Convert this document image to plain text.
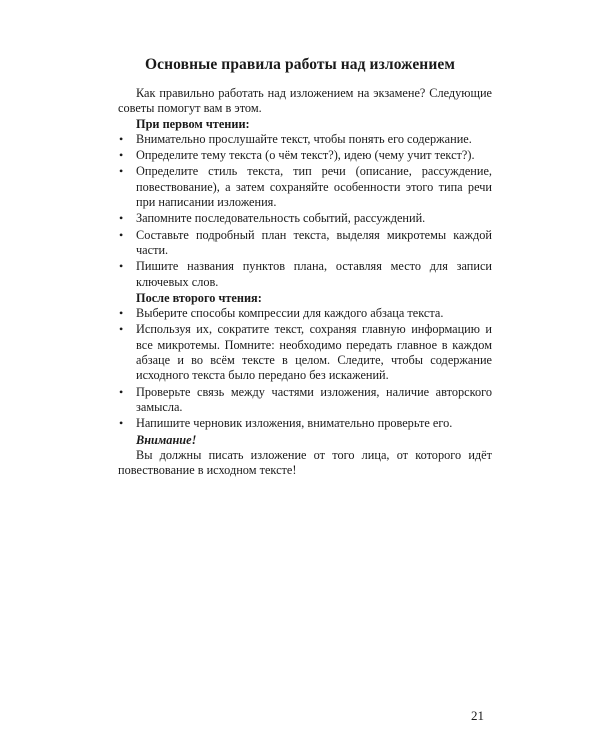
Основные правила работы над изложением

Как правильно работать над изложением на экзамене? Следующие советы помогут вам в этом.

При первом чтении:

• Внимательно прослушайте текст, чтобы понять его содержание.
• Определите тему текста (о чём текст?), идею (чему учит текст?).
• Определите стиль текста, тип речи (описание, рассуждение, повествование), а затем сохраняйте особенности этого типа речи при написании изложения.
• Запомните последовательность событий, рассуждений.
• Составьте подробный план текста, выделяя микротемы каждой части.
• Пишите названия пунктов плана, оставляя место для записи ключевых слов.

После второго чтения:

• Выберите способы компрессии для каждого абзаца текста.
• Используя их, сократите текст, сохраняя главную информацию и все микротемы. Помните: необходимо передать главное в каждом абзаце и во всём тексте в целом. Следите, чтобы содержание исходного текста было передано без искажений.
• Проверьте связь между частями изложения, наличие авторского замысла.
• Напишите черновик изложения, внимательно проверьте его.

Внимание!

Вы должны писать изложение от того лица, от которого идёт повествование в исходном тексте!

21
